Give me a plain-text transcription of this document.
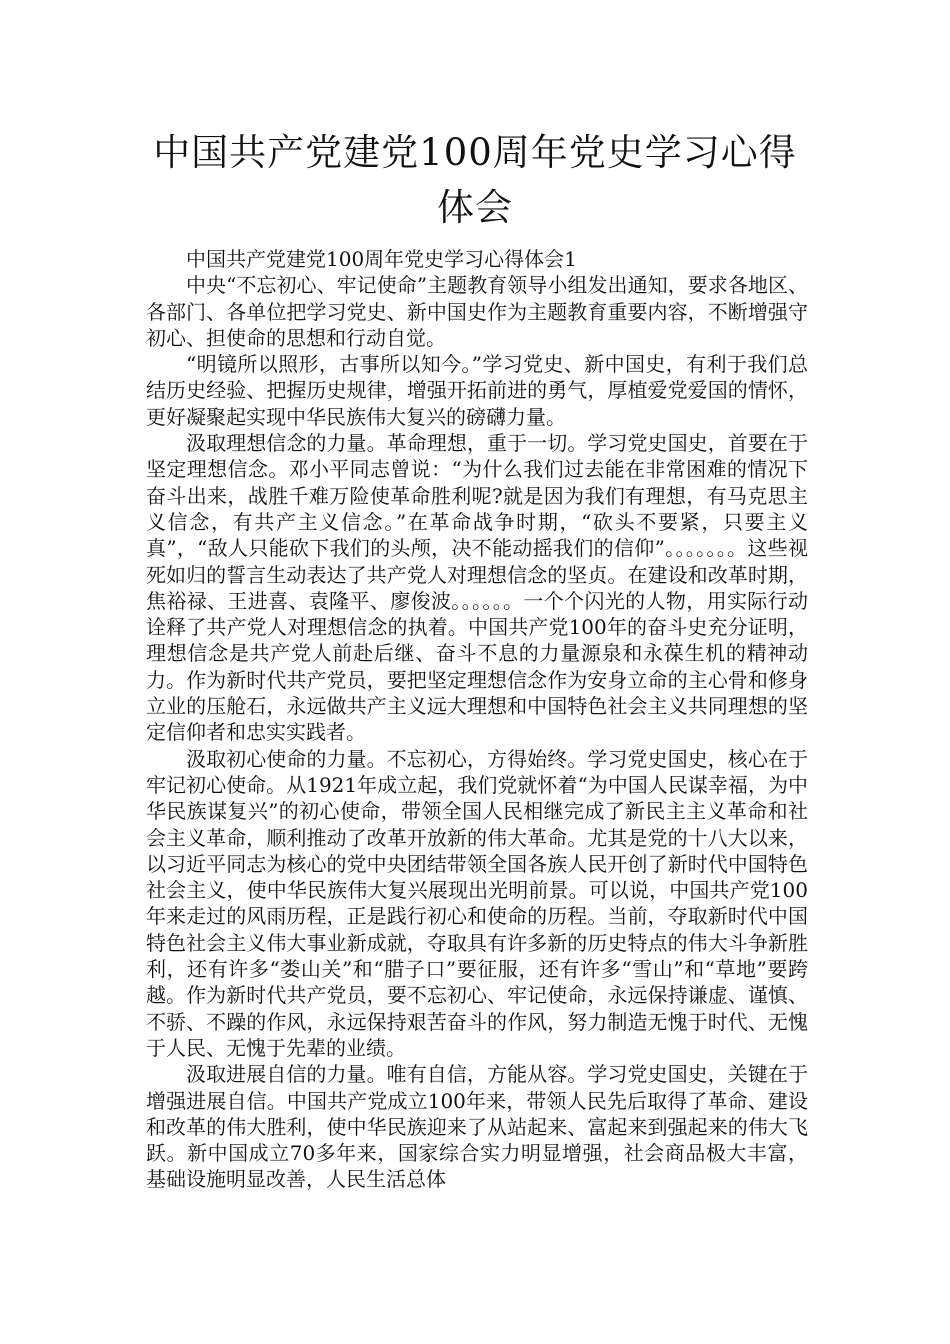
中国共产党建党100周年党史学习心得体会

中国共产党建党100周年党史学习心得体会1

中央“不忘初心、牢记使命”主题教育领导小组发出通知，要求各地区、各部门、各单位把学习党史、新中国史作为主题教育重要内容，不断增强守初心、担使命的思想和行动自觉。

“明镜所以照形，古事所以知今。”学习党史、新中国史，有利于我们总结历史经验、把握历史规律，增强开拓前进的勇气，厚植爱党爱国的情怀，更好凝聚起实现中华民族伟大复兴的磅礴力量。

汲取理想信念的力量。革命理想，重于一切。学习党史国史，首要在于坚定理想信念。邓小平同志曾说：“为什么我们过去能在非常困难的情况下奋斗出来，战胜千难万险使革命胜利呢?就是因为我们有理想，有马克思主义信念，有共产主义信念。”在革命战争时期，“砍头不要紧，只要主义真”，“敌人只能砍下我们的头颅，决不能动摇我们的信仰”。。。。。。。这些视死如归的誓言生动表达了共产党人对理想信念的坚贞。在建设和改革时期，焦裕禄、王进喜、袁隆平、廖俊波。。。。。。一个个闪光的人物，用实际行动诠释了共产党人对理想信念的执着。中国共产党100年的奋斗史充分证明，理想信念是共产党人前赴后继、奋斗不息的力量源泉和永葆生机的精神动力。作为新时代共产党员，要把坚定理想信念作为安身立命的主心骨和修身立业的压舱石，永远做共产主义远大理想和中国特色社会主义共同理想的坚定信仰者和忠实实践者。

汲取初心使命的力量。不忘初心，方得始终。学习党史国史，核心在于牢记初心使命。从1921年成立起，我们党就怀着“为中国人民谋幸福，为中华民族谋复兴”的初心使命，带领全国人民相继完成了新民主主义革命和社会主义革命，顺利推动了改革开放新的伟大革命。尤其是党的十八大以来，以习近平同志为核心的党中央团结带领全国各族人民开创了新时代中国特色社会主义，使中华民族伟大复兴展现出光明前景。可以说，中国共产党100年来走过的风雨历程，正是践行初心和使命的历程。当前，夺取新时代中国特色社会主义伟大事业新成就，夺取具有许多新的历史特点的伟大斗争新胜利，还有许多“娄山关”和“腊子口”要征服，还有许多“雪山”和“草地”要跨越。作为新时代共产党员，要不忘初心、牢记使命，永远保持谦虚、谨慎、不骄、不躁的作风，永远保持艰苦奋斗的作风，努力制造无愧于时代、无愧于人民、无愧于先辈的业绩。

汲取进展自信的力量。唯有自信，方能从容。学习党史国史，关键在于增强进展自信。中国共产党成立100年来，带领人民先后取得了革命、建设和改革的伟大胜利，使中华民族迎来了从站起来、富起来到强起来的伟大飞跃。新中国成立70多年来，国家综合实力明显增强，社会商品极大丰富，基础设施明显改善，人民生活总体
